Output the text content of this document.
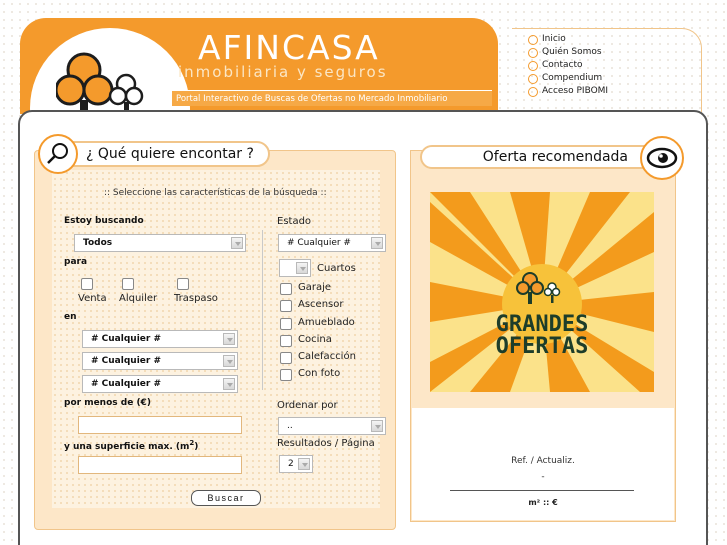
AFINCASA
inmobiliaria y seguros
Portal Interactivo de Buscas de Ofertas no Mercado Inmobiliario
Inicio
Quién Somos
Contacto
Compendium
Acceso PIBOMI
¿ Qué quiere encontar ?
:: Seleccione las características de la búsqueda ::
Estoy buscando
Todos
para
Venta Alquiler Traspaso
en
# Cualquier #
# Cualquier #
# Cualquier #
por menos de (€)
y una superficie max. $(m^2)$
Estado
# Cualquier #
Cuartos
Garaje
Ascensor
Amueblado
Cocina
Calefacción
Con foto
Ordenar por
..
Resultados / Página
2
Buscar
Oferta recomendada
GRANDES
OFERTAS
Ref. / Actualiz.
-
m² :: €
